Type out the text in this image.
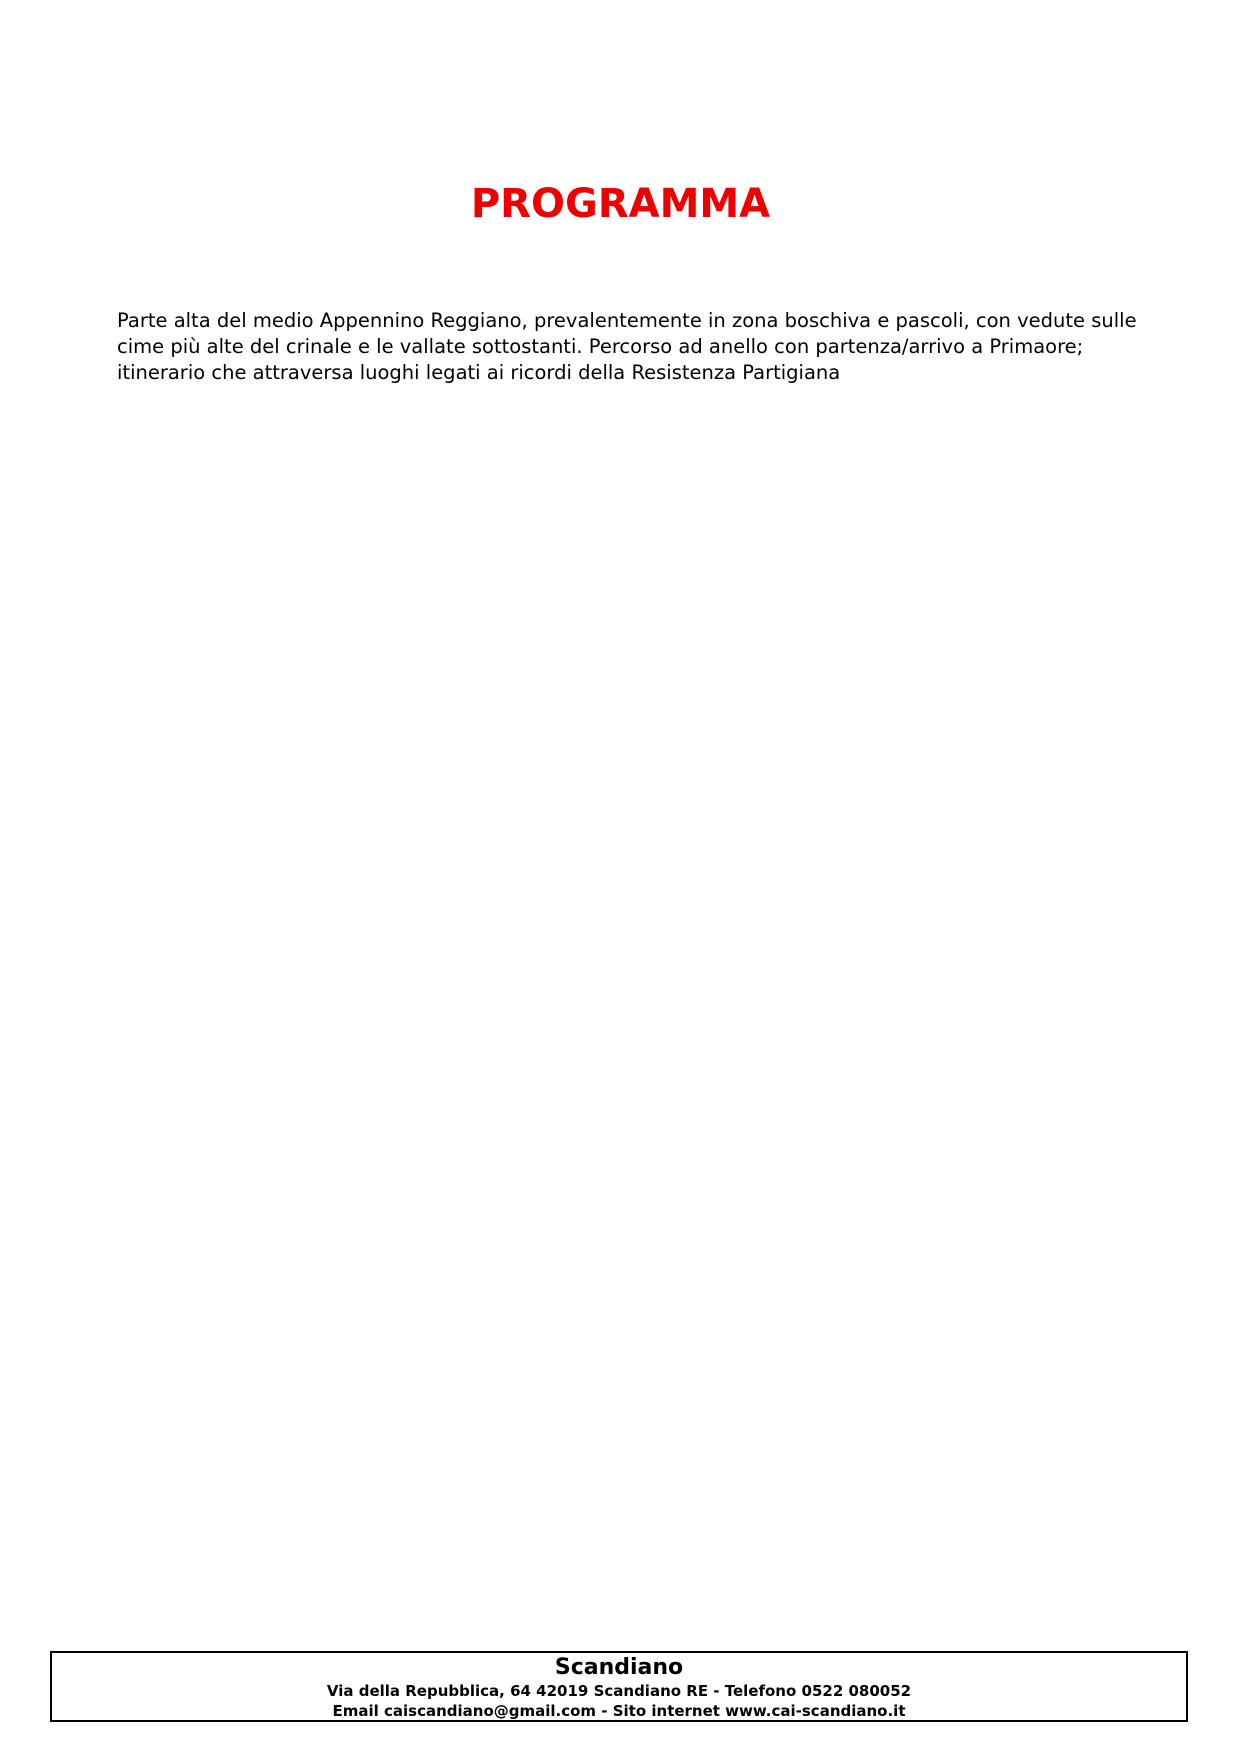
PROGRAMMA

Parte alta del medio Appennino Reggiano, prevalentemente in zona boschiva e pascoli, con vedute sulle cime più alte del crinale e le vallate sottostanti. Percorso ad anello con partenza/arrivo a Primaore; itinerario che attraversa luoghi legati ai ricordi della Resistenza Partigiana

Scandiano
Via della Repubblica, 64 42019 Scandiano RE - Telefono 0522 080052
Email caiscandiano@gmail.com - Sito internet www.cai-scandiano.it
